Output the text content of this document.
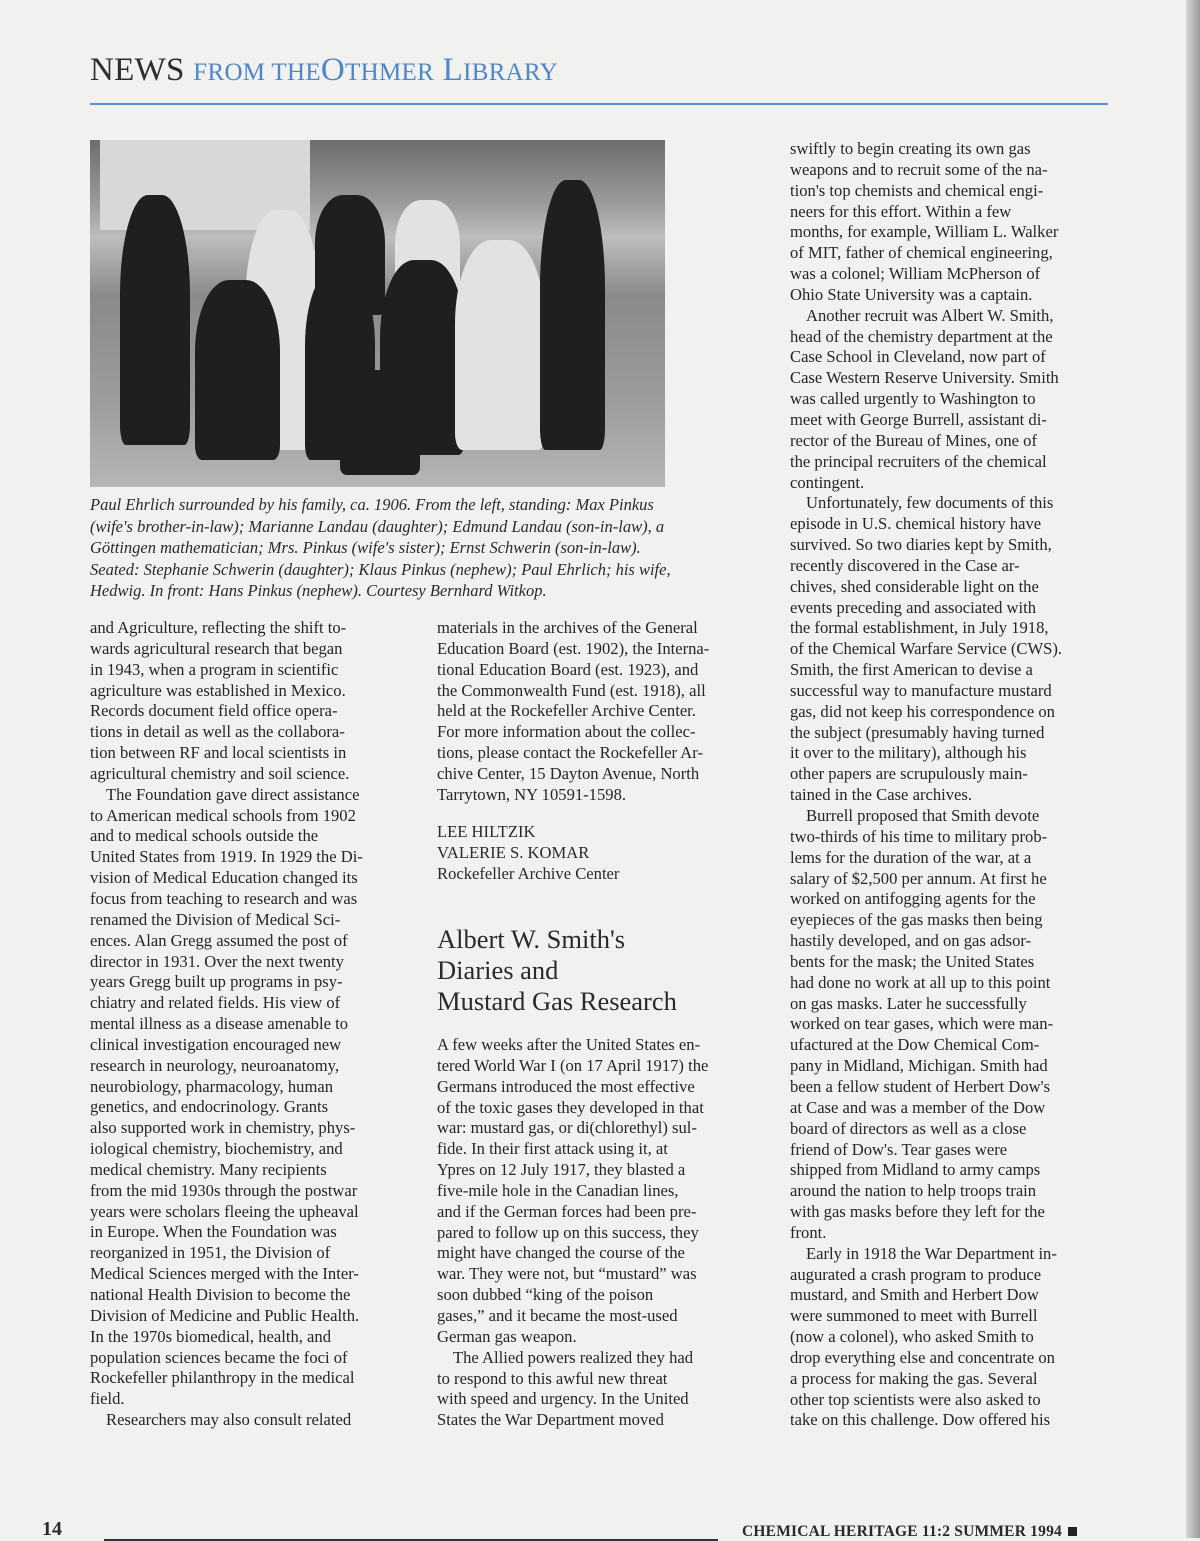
NEWS FROM THEOTHMER LIBRARY
Paul Ehrlich surrounded by his family, ca. 1906. From the left, standing: Max Pinkus (wife's brother-in-law); Marianne Landau (daughter); Edmund Landau (son-in-law), a Göttingen mathematician; Mrs. Pinkus (wife's sister); Ernst Schwerin (son-in-law). Seated: Stephanie Schwerin (daughter); Klaus Pinkus (nephew); Paul Ehrlich; his wife, Hedwig. In front: Hans Pinkus (nephew). Courtesy Bernhard Witkop.
and Agriculture, reflecting the shift to-
wards agricultural research that began
in 1943, when a program in scientific
agriculture was established in Mexico.
Records document field office opera-
tions in detail as well as the collabora-
tion between RF and local scientists in
agricultural chemistry and soil science.
The Foundation gave direct assistance
to American medical schools from 1902
and to medical schools outside the
United States from 1919. In 1929 the Di-
vision of Medical Education changed its
focus from teaching to research and was
renamed the Division of Medical Sci-
ences. Alan Gregg assumed the post of
director in 1931. Over the next twenty
years Gregg built up programs in psy-
chiatry and related fields. His view of
mental illness as a disease amenable to
clinical investigation encouraged new
research in neurology, neuroanatomy,
neurobiology, pharmacology, human
genetics, and endocrinology. Grants
also supported work in chemistry, phys-
iological chemistry, biochemistry, and
medical chemistry. Many recipients
from the mid 1930s through the postwar
years were scholars fleeing the upheaval
in Europe. When the Foundation was
reorganized in 1951, the Division of
Medical Sciences merged with the Inter-
national Health Division to become the
Division of Medicine and Public Health.
In the 1970s biomedical, health, and
population sciences became the foci of
Rockefeller philanthropy in the medical
field.
Researchers may also consult related
materials in the archives of the General
Education Board (est. 1902), the Interna-
tional Education Board (est. 1923), and
the Commonwealth Fund (est. 1918), all
held at the Rockefeller Archive Center.
For more information about the collec-
tions, please contact the Rockefeller Ar-
chive Center, 15 Dayton Avenue, North
Tarrytown, NY 10591-1598.
LEE HILTZIK
VALERIE S. KOMAR
Rockefeller Archive Center
Albert W. Smith's
Diaries and
Mustard Gas Research
A few weeks after the United States en-
tered World War I (on 17 April 1917) the
Germans introduced the most effective
of the toxic gases they developed in that
war: mustard gas, or di(chlorethyl) sul-
fide. In their first attack using it, at
Ypres on 12 July 1917, they blasted a
five-mile hole in the Canadian lines,
and if the German forces had been pre-
pared to follow up on this success, they
might have changed the course of the
war. They were not, but “mustard” was
soon dubbed “king of the poison
gases,” and it became the most-used
German gas weapon.
The Allied powers realized they had
to respond to this awful new threat
with speed and urgency. In the United
States the War Department moved
swiftly to begin creating its own gas
weapons and to recruit some of the na-
tion's top chemists and chemical engi-
neers for this effort. Within a few
months, for example, William L. Walker
of MIT, father of chemical engineering,
was a colonel; William McPherson of
Ohio State University was a captain.
Another recruit was Albert W. Smith,
head of the chemistry department at the
Case School in Cleveland, now part of
Case Western Reserve University. Smith
was called urgently to Washington to
meet with George Burrell, assistant di-
rector of the Bureau of Mines, one of
the principal recruiters of the chemical
contingent.
Unfortunately, few documents of this
episode in U.S. chemical history have
survived. So two diaries kept by Smith,
recently discovered in the Case ar-
chives, shed considerable light on the
events preceding and associated with
the formal establishment, in July 1918,
of the Chemical Warfare Service (CWS).
Smith, the first American to devise a
successful way to manufacture mustard
gas, did not keep his correspondence on
the subject (presumably having turned
it over to the military), although his
other papers are scrupulously main-
tained in the Case archives.
Burrell proposed that Smith devote
two-thirds of his time to military prob-
lems for the duration of the war, at a
salary of $2,500 per annum. At first he
worked on antifogging agents for the
eyepieces of the gas masks then being
hastily developed, and on gas adsor-
bents for the mask; the United States
had done no work at all up to this point
on gas masks. Later he successfully
worked on tear gases, which were man-
ufactured at the Dow Chemical Com-
pany in Midland, Michigan. Smith had
been a fellow student of Herbert Dow's
at Case and was a member of the Dow
board of directors as well as a close
friend of Dow's. Tear gases were
shipped from Midland to army camps
around the nation to help troops train
with gas masks before they left for the
front.
Early in 1918 the War Department in-
augurated a crash program to produce
mustard, and Smith and Herbert Dow
were summoned to meet with Burrell
(now a colonel), who asked Smith to
drop everything else and concentrate on
a process for making the gas. Several
other top scientists were also asked to
take on this challenge. Dow offered his
14	CHEMICAL HERITAGE 11:2 SUMMER 1994
